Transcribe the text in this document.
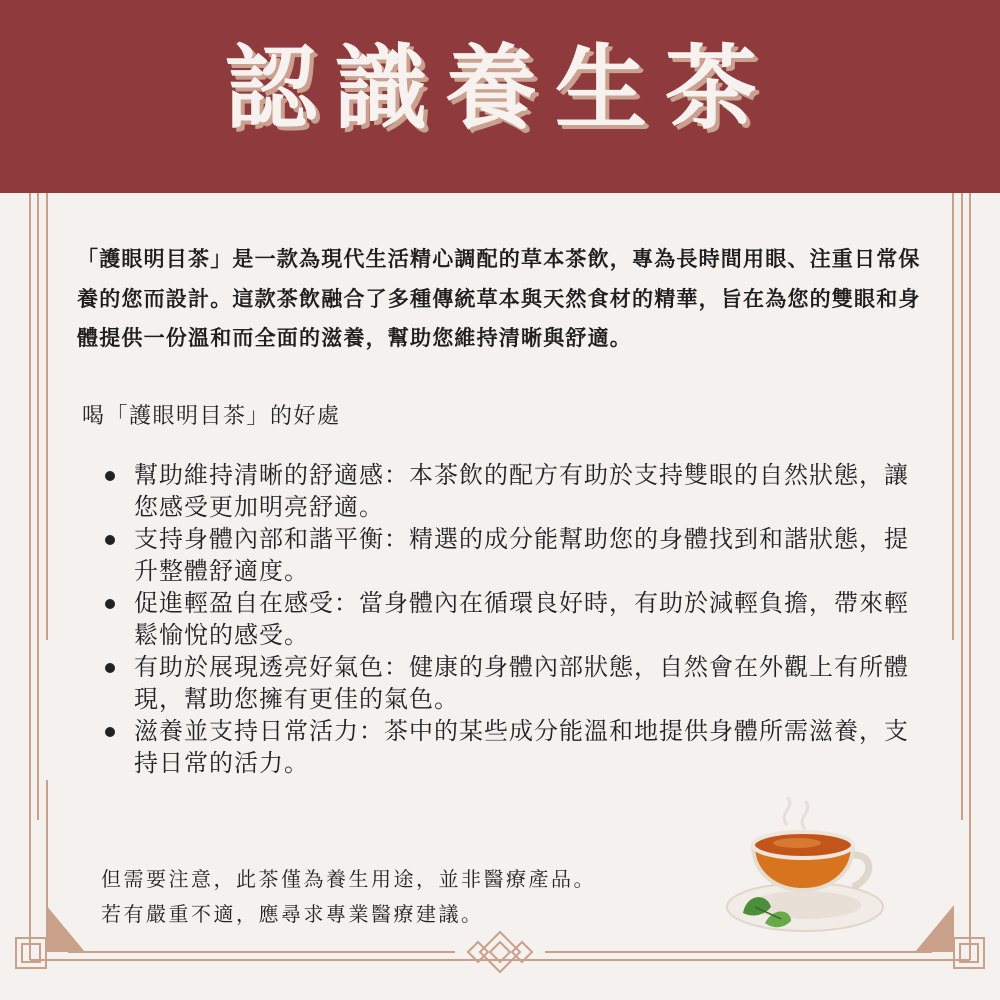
認識養生茶
「護眼明目茶」是一款為現代生活精心調配的草本茶飲，專為長時間用眼、注重日常保養的您而設計。這款茶飲融合了多種傳統草本與天然食材的精華，旨在為您的雙眼和身體提供一份溫和而全面的滋養，幫助您維持清晰與舒適。
喝「護眼明目茶」的好處
幫助維持清晰的舒適感：本茶飲的配方有助於支持雙眼的自然狀態，讓您感受更加明亮舒適。
支持身體內部和諧平衡：精選的成分能幫助您的身體找到和諧狀態，提升整體舒適度。
促進輕盈自在感受：當身體內在循環良好時，有助於減輕負擔，帶來輕鬆愉悅的感受。
有助於展現透亮好氣色：健康的身體內部狀態，自然會在外觀上有所體現，幫助您擁有更佳的氣色。
滋養並支持日常活力：茶中的某些成分能溫和地提供身體所需滋養，支持日常的活力。
但需要注意，此茶僅為養生用途，並非醫療產品。
若有嚴重不適，應尋求專業醫療建議。
